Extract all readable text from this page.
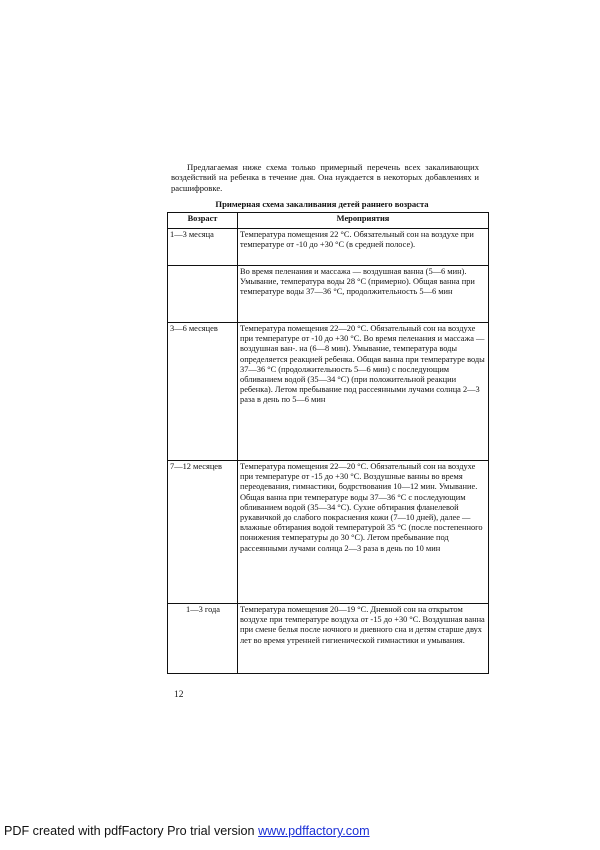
Предлагаемая ниже схема только примерный перечень всех закаливающих воздействий на ребенка в течение дня. Она нуждается в некоторых добавлениях и расшифровке.

Примерная схема закаливания детей раннего возраста

Возраст	Мероприятия
1—3 месяца	Температура помещения 22 °С. Обязательный сон на воздухе при температуре от -10 до +30 °С (в средней полосе).
	Во время пеленания и массажа — воздушная ванна (5—6 мин). Умывание, температура воды 28 °С (примерно). Общая ванна при температуре воды 37—36 °С, продолжительность 5—6 мин
3—6 месяцев	Температура помещения 22—20 °С. Обязательный сон на воздухе при температуре от -10 до +30 °С. Во время пеленания и массажа — воздушная ван-. на (6—8 мин). Умывание, температура воды определяется реакцией ребенка. Общая ванна при температуре воды 37—36 °С (продолжительность 5—6 мин) с последующим обливанием водой (35—34 °С) (при положительной реакции ребенка). Летом пребывание под рассеянными лучами солнца 2—3 раза в день по 5—6 мин
7—12 месяцев	Температура помещения 22—20 °С. Обязательный сон на воздухе при температуре от -15 до +30 °С. Воздушные ванны во время переодевания, гимнастики, бодрствования 10—12 мин. Умывание. Общая ванна при температуре воды 37—36 °С с последующим обливанием водой (35—34 °С). Сухие обтирания фланелевой рукавичкой до слабого покраснения кожи (7—10 дней), далее — влажные обтирания водой температурой 35 °С (после постепенного понижения температуры до 30 °С). Летом пребывание под рассеянными лучами солнца 2—3 раза в день по 10 мин
1—3 года	Температура помещения 20—19 °С. Дневной сон на открытом воздухе при температуре воздуха от -15 до +30 °С. Воздушная ванна при смене белья после ночного и дневного сна и детям старше двух лет во время утренней гигиенической гимнастики и умывания.

12

PDF created with pdfFactory Pro trial version www.pdffactory.com
